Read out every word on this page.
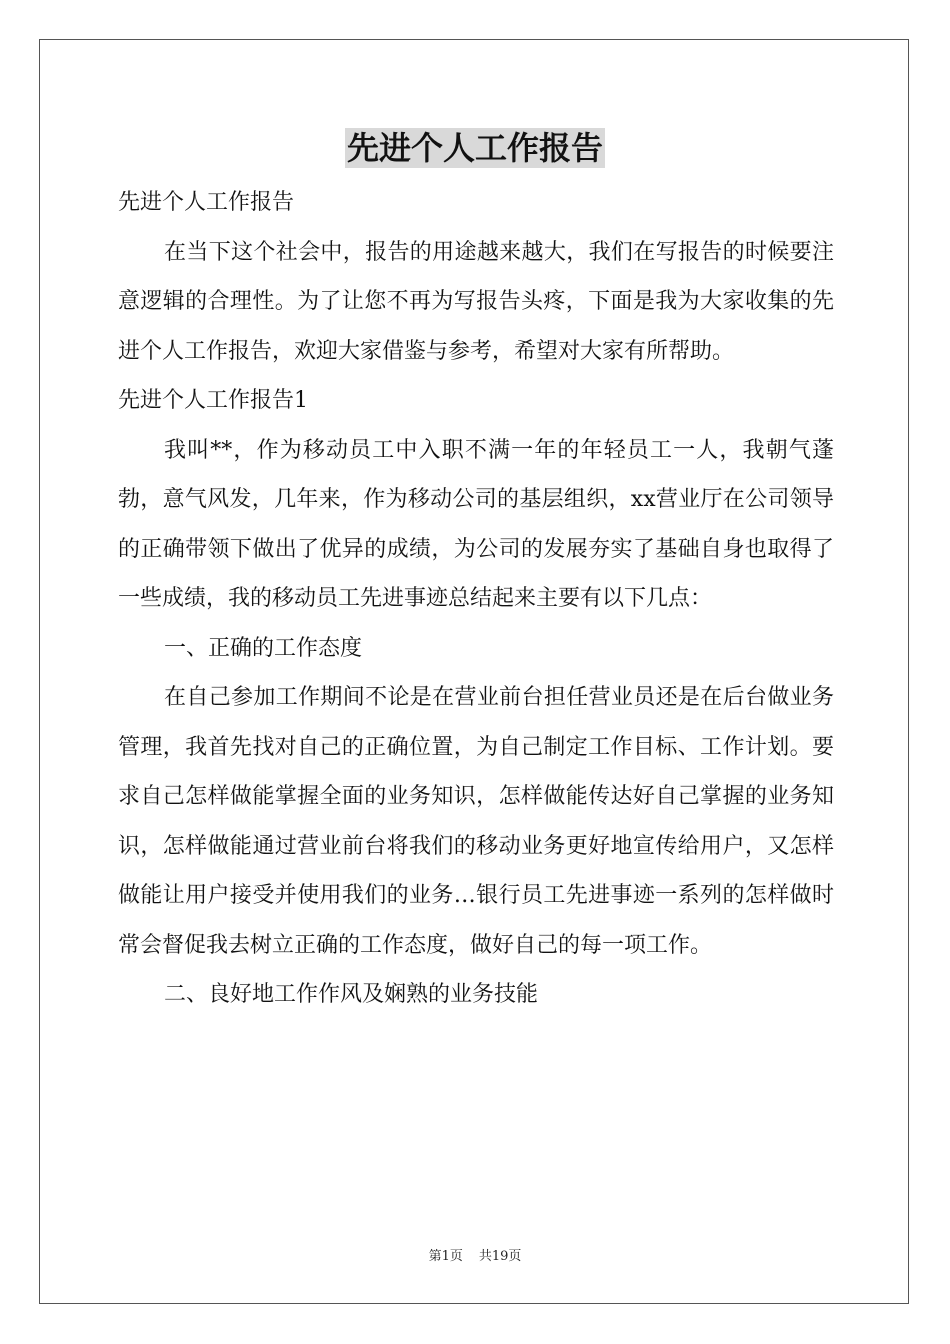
先进个人工作报告

先进个人工作报告

在当下这个社会中，报告的用途越来越大，我们在写报告的时候要注意逻辑的合理性。为了让您不再为写报告头疼，下面是我为大家收集的先进个人工作报告，欢迎大家借鉴与参考，希望对大家有所帮助。

先进个人工作报告1

我叫**，作为移动员工中入职不满一年的年轻员工一人，我朝气蓬勃，意气风发，几年来，作为移动公司的基层组织，xx营业厅在公司领导的正确带领下做出了优异的成绩，为公司的发展夯实了基础自身也取得了一些成绩，我的移动员工先进事迹总结起来主要有以下几点：

一、正确的工作态度

在自己参加工作期间不论是在营业前台担任营业员还是在后台做业务管理，我首先找对自己的正确位置，为自己制定工作目标、工作计划。要求自己怎样做能掌握全面的业务知识，怎样做能传达好自己掌握的业务知识，怎样做能通过营业前台将我们的移动业务更好地宣传给用户，又怎样做能让用户接受并使用我们的业务…银行员工先进事迹一系列的怎样做时常会督促我去树立正确的工作态度，做好自己的每一项工作。

二、良好地工作作风及娴熟的业务技能

第1页 共19页
